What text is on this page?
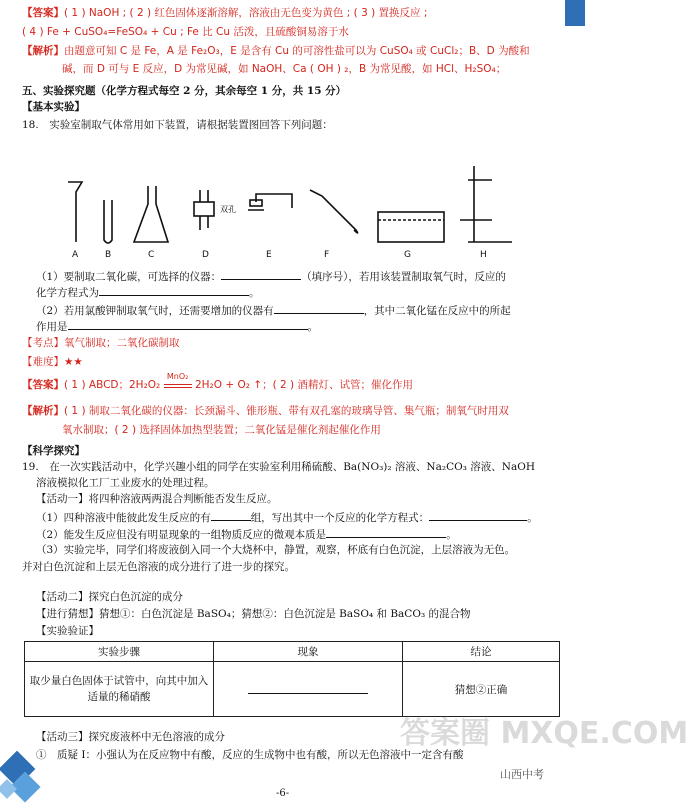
【答案】( 1 ) NaOH ; ( 2 ) 红色固体逐渐溶解，溶液由无色变为黄色 ; ( 3 ) 置换反应 ;
( 4 ) Fe + CuSO₄=FeSO₄ + Cu ; Fe 比 Cu 活泼，且硫酸铜易溶于水
【解析】由题意可知 C 是 Fe，A 是 Fe₂O₃，E 是含有 Cu 的可溶性盐可以为 CuSO₄ 或 CuCl₂；B、D 为酸和
碱，而 D 可与 E 反应，D 为常见碱，如 NaOH、Ca ( OH ) ₂，B 为常见酸，如 HCl、H₂SO₄；
五、实验探究题（化学方程式每空 2 分，其余每空 1 分，共 15 分）
【基本实验】
18.　实验室制取气体常用如下装置，请根据装置图回答下列问题：
A	B	C	D	E	F	G	H
双孔
（1）要制取二氧化碳，可选择的仪器：	（填序号），若用该装置制取氧气时，反应的
化学方程式为	。
（2）若用氯酸钾制取氧气时，还需要增加的仪器有	，其中二氧化锰在反应中的所起
作用是	。
【考点】氧气制取；二氧化碳制取
【难度】★★
【答案】( 1 ) ABCD；2H₂O₂
MnO₂
2H₂O + O₂ ↑；( 2 ) 酒精灯、试管；催化作用
【解析】( 1 ) 制取二氧化碳的仪器：长颈漏斗、锥形瓶、带有双孔塞的玻璃导管、集气瓶；制氧气时用双
氧水制取；( 2 ) 选择固体加热型装置；二氧化锰是催化剂起催化作用
【科学探究】
19.　在一次实践活动中，化学兴趣小组的同学在实验室利用稀硫酸、Ba(NO₃)₂ 溶液、Na₂CO₃ 溶液、NaOH
溶液模拟化工厂工业废水的处理过程。
【活动一】将四种溶液两两混合判断能否发生反应。
（1）四种溶液中能彼此发生反应的有	组，写出其中一个反应的化学方程式：	。
（2）能发生反应但没有明显现象的一组物质反应的微观本质是	。
（3）实验完毕，同学们将废液倒入同一个大烧杯中，静置，观察，杯底有白色沉淀，上层溶液为无色。
并对白色沉淀和上层无色溶液的成分进行了进一步的探究。
【活动二】探究白色沉淀的成分
【进行猜想】猜想①：白色沉淀是 BaSO₄；猜想②：白色沉淀是 BaSO₄ 和 BaCO₃ 的混合物
【实验验证】
实验步骤	现象	结论
取少量白色固体于试管中，向其中加入适量的稀硝酸		猜想②正确
【活动三】探究废液杯中无色溶液的成分
①　质疑 I：小强认为在反应物中有酸，反应的生成物中也有酸，所以无色溶液中一定含有酸
答案圈 MXQE.COM
山西中考
-6-
